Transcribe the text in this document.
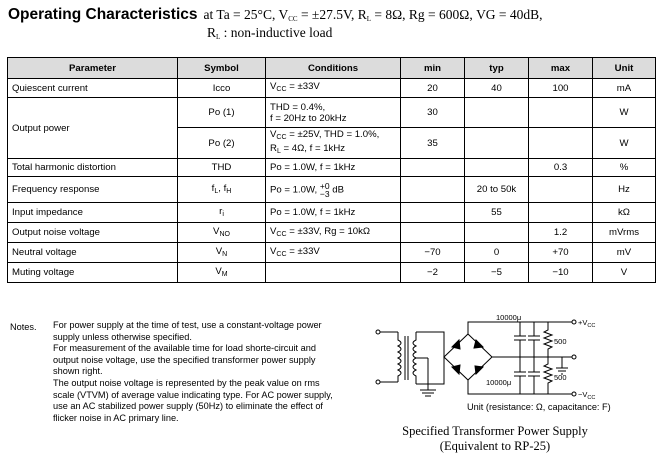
Operating Characteristics at Ta = 25°C, $V_{CC} = \pm 27.5V$, $R_L = 8\Omega$, Rg = 600Ω, VG = 40dB,
$R_L$ : non-inductive load
Parameter	Symbol	Conditions	min	typ	max	Unit
Quiescent current	Icco	$V_{CC} = \pm 33V$	20	40	100	mA
Output power	Po (1)	THD = 0.4%,
f = 20Hz to 20kHz	30			W
	Po (2)	$V_{CC} = \pm 25V$, THD = 1.0%,
$R_L = 4\Omega$, f = 1kHz	35			W
Total harmonic distortion	THD	Po = 1.0W, f = 1kHz			0.3	%
Frequency response	$f_L$, $f_H$	Po = 1.0W, +0
−3 dB		20 to 50k		Hz
Input impedance	$r_i$	Po = 1.0W, f = 1kHz		55		kΩ
Output noise voltage	$V_{NO}$	$V_{CC} = \pm 33V$, Rg = 10kΩ			1.2	mVrms
Neutral voltage	$V_N$	$V_{CC} = \pm 33V$	−70	0	+70	mV
Muting voltage	$V_M$		−2	−5	−10	V
Notes. For power supply at the time of test, use a constant-voltage power supply unless otherwise specified.

For measurement of the available time for load shorte-circuit and output noise voltage, use the specified transformer power supply shown right.

The output noise voltage is represented by the peak value on rms scale (VTVM) of average value indicating type. For AC power supply, use an AC stabilized power supply (50Hz) to eliminate the effect of flicker noise in AC primary line.

10000μ
10000μ
500
500
$+V_{CC}$
$-V_{CC}$
Unit (resistance: Ω, capacitance: F)
Specified Transformer Power Supply
(Equivalent to RP-25)
